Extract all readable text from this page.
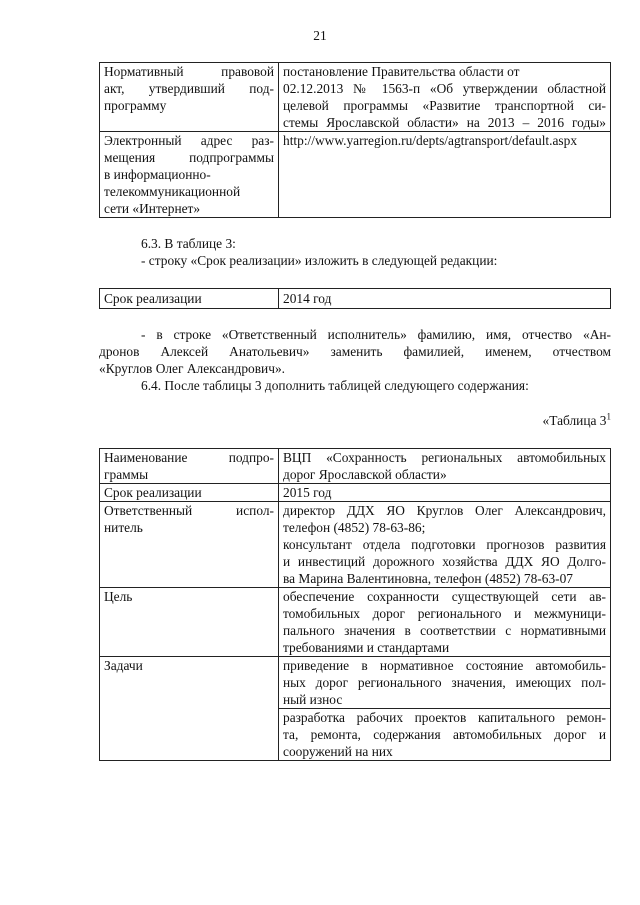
21
Нормативный правовой
акт, утвердивший под-
программу	постановление Правительства области от
02.12.2013 № 1563-п «Об утверждении областной
целевой программы «Развитие транспортной си-
стемы Ярославской области» на 2013 – 2016 годы»

Электронный адрес раз-
мещения подпрограммы
в информационно-
телекоммуникационной
сети «Интернет»	http://www.yarregion.ru/depts/agtransport/default.aspx
6.3. В таблице 3:
- строку «Срок реализации» изложить в следующей редакции:
Срок реализации	2014 год
- в строке «Ответственный исполнитель» фамилию, имя, отчество «Ан-
дронов Алексей Анатольевич» заменить фамилией, именем, отчеством
«Круглов Олег Александрович».
6.4. После таблицы 3 дополнить таблицей следующего содержания:
«Таблица $3^1$
Наименование подпро-
граммы	ВЦП «Сохранность региональных автомобильных
дорог Ярославской области»

Срок реализации	2015 год

Ответственный испол-
нитель	директор ДДХ ЯО Круглов Олег Александрович,
телефон (4852) 78-63-86;
консультант отдела подготовки прогнозов развития
и инвестиций дорожного хозяйства ДДХ ЯО Долго-
ва Марина Валентиновна, телефон (4852) 78-63-07

Цель	обеспечение сохранности существующей сети ав-
томобильных дорог регионального и межмуници-
пального значения в соответствии с нормативными
требованиями и стандартами

Задачи	приведение в нормативное состояние автомобиль-
ных дорог регионального значения, имеющих пол-
ный износ

	разработка рабочих проектов капитального ремон-
та, ремонта, содержания автомобильных дорог и
сооружений на них
